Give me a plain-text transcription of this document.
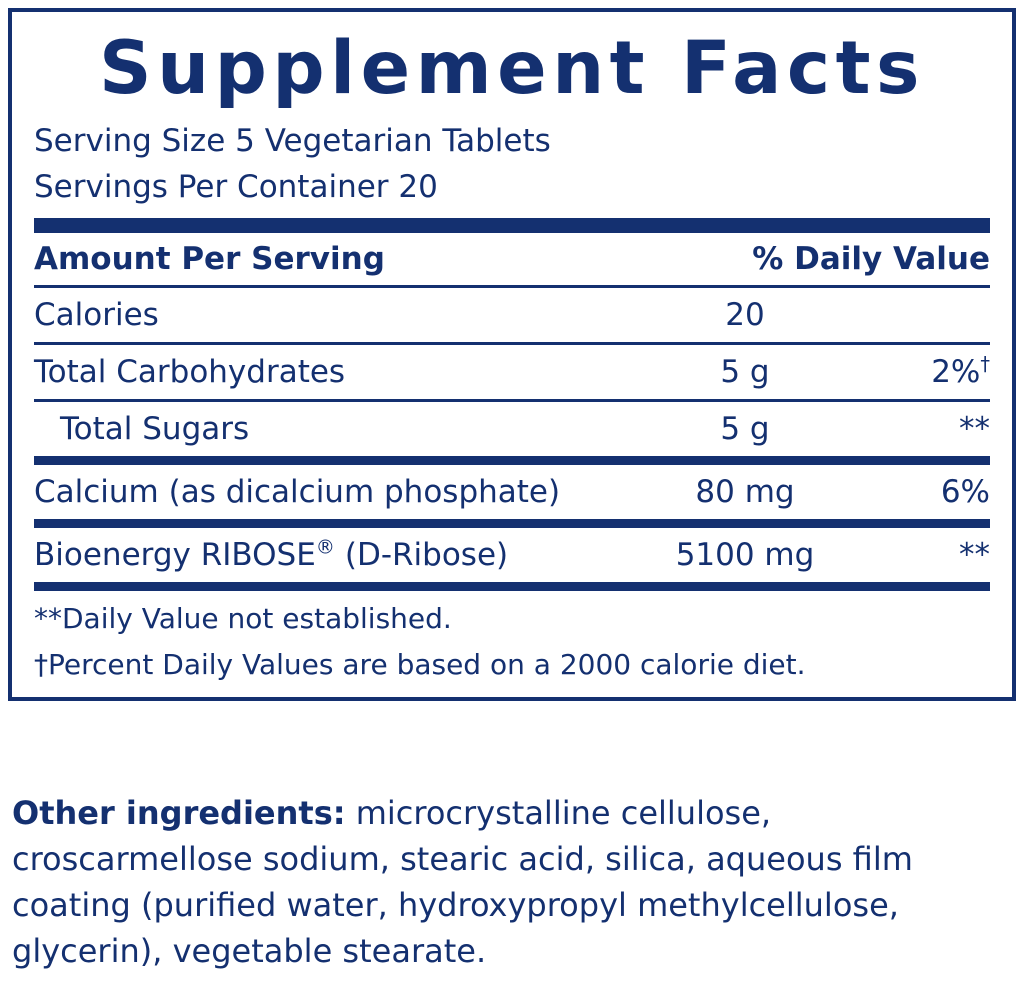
Supplement Facts
Serving Size 5 Vegetarian Tablets
Servings Per Container 20
Amount Per Serving	% Daily Value
Calories	20
Total Carbohydrates	5 g	2%†
Total Sugars	5 g	**
Calcium (as dicalcium phosphate)	80 mg	6%
Bioenergy RIBOSE® (D-Ribose)	5100 mg	**
**Daily Value not established.
†Percent Daily Values are based on a 2000 calorie diet.
Other ingredients: microcrystalline cellulose, croscarmellose sodium, stearic acid, silica, aqueous film coating (purified water, hydroxypropyl methylcellulose, glycerin), vegetable stearate.
